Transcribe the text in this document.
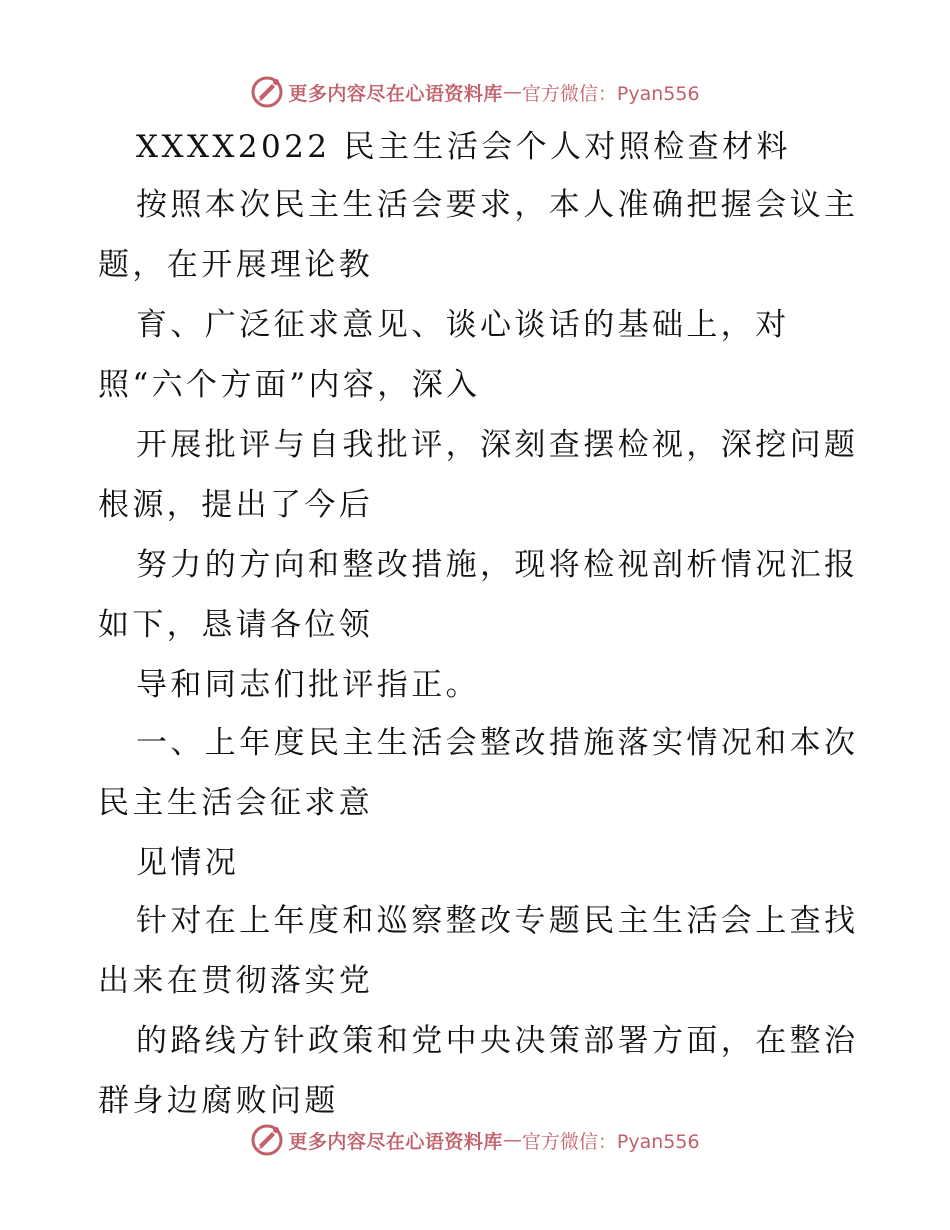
更多内容尽在心语资料库 — 官方微信：Pyan556
XXXX2022 民主生活会个人对照检查材料
按照本次民主生活会要求，本人准确把握会议主
题，在开展理论教
育、广泛征求意见、谈心谈话的基础上，对
照“六个方面”内容，深入
开展批评与自我批评，深刻查摆检视，深挖问题
根源，提出了今后
努力的方向和整改措施，现将检视剖析情况汇报
如下，恳请各位领
导和同志们批评指正。
一、上年度民主生活会整改措施落实情况和本次
民主生活会征求意
见情况
针对在上年度和巡察整改专题民主生活会上查找
出来在贯彻落实党
的路线方针政策和党中央决策部署方面，在整治
群身边腐败问题
更多内容尽在心语资料库 — 官方微信：Pyan556
